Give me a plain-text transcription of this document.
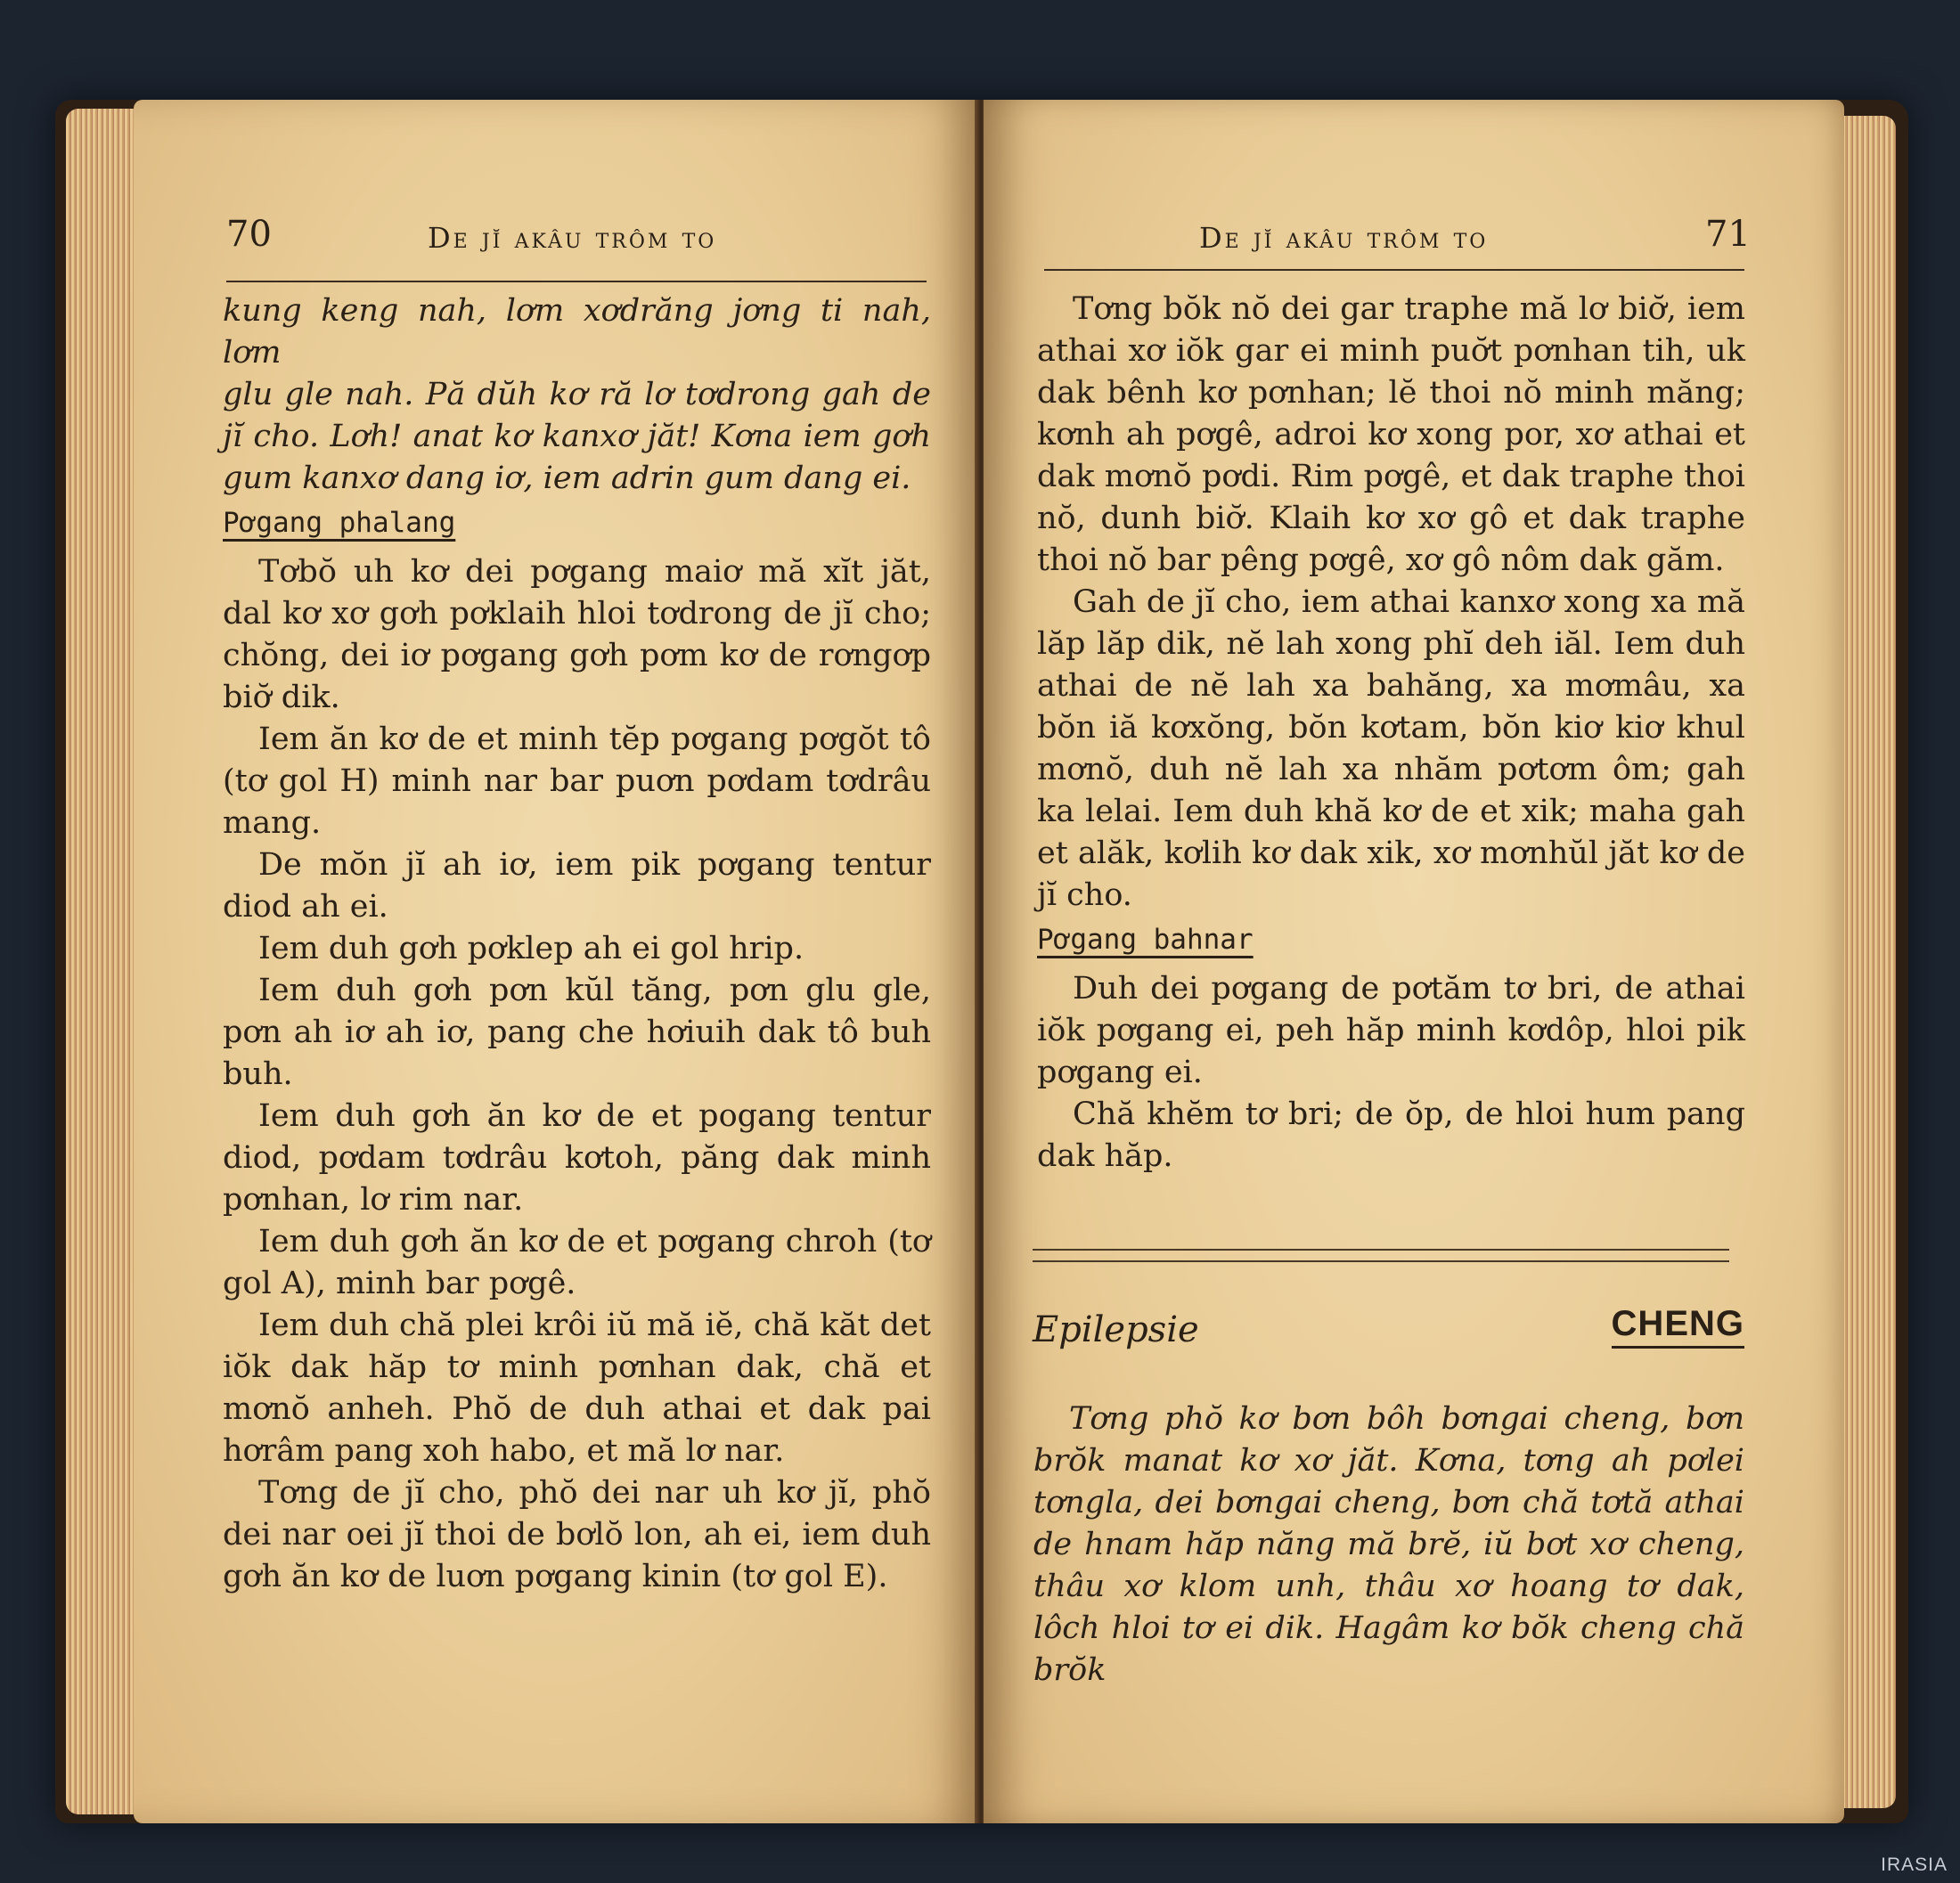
70	De jĭ akâu trôm to

kung keng nah, lơm xơdrăng jơng ti nah, lơm

glu gle nah. Pă dŭh kơ ră lơ tơdrong gah de

jĭ cho. Lơh! anat kơ kanxơ jăt! Kơna iem gơh

gum kanxơ dang iơ, iem adrin gum dang ei.

Pơgang phalang

Tơbŏ uh kơ dei pơgang maiơ mă xĭt jăt, dal kơ xơ gơh pơklaih hloi tơdrong de jĭ cho; chŏng, dei iơ pơgang gơh pơm kơ de rơngơp biơ̆ dik.

Iem ăn kơ de et minh tĕp pơgang pơgŏt tô (tơ gol H) minh nar bar puơn pơdam tơdrâu mang.

De mŏn jĭ ah iơ, iem pik pơgang tentur diod ah ei.

Iem duh gơh pơklep ah ei gol hrip.

Iem duh gơh pơn kŭl tăng, pơn glu gle, pơn ah iơ ah iơ, pang che hơiuih dak tô buh buh.

Iem duh gơh ăn kơ de et pogang tentur diod, pơdam tơdrâu kơtoh, păng dak minh pơnhan, lơ rim nar.

Iem duh gơh ăn kơ de et pơgang chroh (tơ gol A), minh bar pơgê.

Iem duh chă plei krôi iŭ mă iĕ, chă kăt det iŏk dak hăp tơ minh pơnhan dak, chă et mơnŏ anheh. Phŏ de duh athai et dak pai hơrâm pang xoh habo, et mă lơ nar.

Tơng de jĭ cho, phŏ dei nar uh kơ jĭ, phŏ dei nar oei jĭ thoi de bơlŏ lon, ah ei, iem duh gơh ăn kơ de luơn pơgang kinin (tơ gol E).

De jĭ akâu trôm to	71

Tơng bŏk nŏ dei gar traphe mă lơ biơ̆, iem athai xơ iŏk gar ei minh puơ̆t pơnhan tih, uk dak bênh kơ pơnhan; lĕ thoi nŏ minh măng; kơnh ah pơgê, adroi kơ xong por, xơ athai et dak mơnŏ pơdi. Rim pơgê, et dak traphe thoi nŏ, dunh biơ̆. Klaih kơ xơ gô et dak traphe thoi nŏ bar pêng pơgê, xơ gô nôm dak găm.

Gah de jĭ cho, iem athai kanxơ xong xa mă lăp lăp dik, nĕ lah xong phĭ deh iăl. Iem duh athai de nĕ lah xa bahăng, xa mơmâu, xa bŏn iă kơxŏng, bŏn kơtam, bŏn kiơ kiơ khul mơnŏ, duh nĕ lah xa nhăm pơtơm ôm; gah ka lelai. Iem duh khă kơ de et xik; maha gah et alăk, kơlih kơ dak xik, xơ mơnhŭl jăt kơ de jĭ cho.

Pơgang bahnar

Duh dei pơgang de pơtăm tơ bri, de athai iŏk pơgang ei, peh hăp minh kơdôp, hloi pik pơgang ei.

Chă khĕm tơ bri; de ŏp, de hloi hum pang dak hăp.

Epilepsie	CHENG
Tơng phŏ kơ bơn bôh bơngai cheng, bơn brŏk manat kơ xơ jăt. Kơna, tơng ah pơlei tơngla, dei bơngai cheng, bơn chă tơtă athai de hnam hăp năng mă brĕ, iŭ bơt xơ cheng, thâu xơ klom unh, thâu xơ hoang tơ dak, lôch hloi tơ ei dik. Hagâm kơ bŏk cheng chă brŏk
IRASIA
